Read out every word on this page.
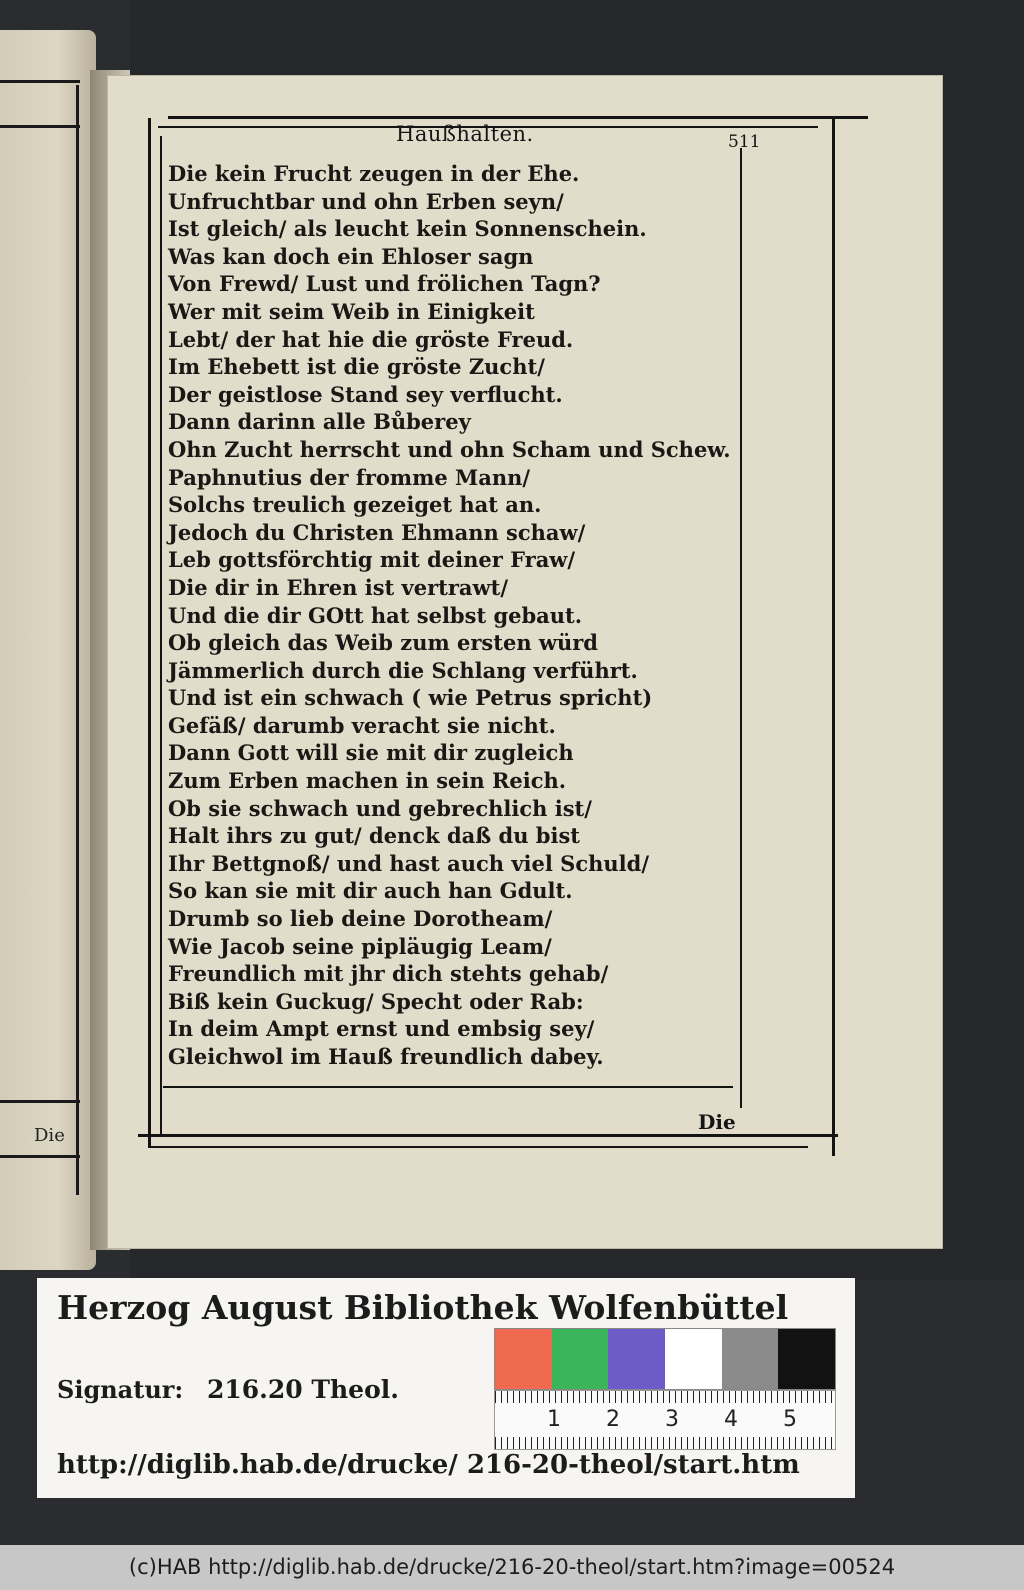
Die
Haußhalten.	511
Die kein Frucht zeugen in der Ehe.
Unfruchtbar und ohn Erben seyn/
Ist gleich/ als leucht kein Sonnenschein.
Was kan doch ein Ehloser sagn
Von Frewd/ Lust und frölichen Tagn?
Wer mit seim Weib in Einigkeit
Lebt/ der hat hie die gröste Freud.
Im Ehebett ist die gröste Zucht/
Der geistlose Stand sey verflucht.
Dann darinn alle Bůberey
Ohn Zucht herrscht und ohn Scham und Schew.
Paphnutius der fromme Mann/
Solchs treulich gezeiget hat an.
Jedoch du Christen Ehmann schaw/
Leb gottsförchtig mit deiner Fraw/
Die dir in Ehren ist vertrawt/
Und die dir GOtt hat selbst gebaut.
Ob gleich das Weib zum ersten würd
Jämmerlich durch die Schlang verführt.
Und ist ein schwach ( wie Petrus spricht)
Gefäß/ darumb veracht sie nicht.
Dann Gott will sie mit dir zugleich
Zum Erben machen in sein Reich.
Ob sie schwach und gebrechlich ist/
Halt ihrs zu gut/ denck daß du bist
Ihr Bettgnoß/ und hast auch viel Schuld/
So kan sie mit dir auch han Gdult.
Drumb so lieb deine Dorotheam/
Wie Jacob seine pipläugig Leam/
Freundlich mit jhr dich stehts gehab/
Biß kein Guckug/ Specht oder Rab:
In deim Ampt ernst und embsig sey/
Gleichwol im Hauß freundlich dabey.
Die
Herzog August Bibliothek Wolfenbüttel
Signatur: 216.20 Theol.
http://diglib.hab.de/drucke/ 216-20-theol/start.htm
1 2 3 4 5
(c)HAB http://diglib.hab.de/drucke/216-20-theol/start.htm?image=00524
